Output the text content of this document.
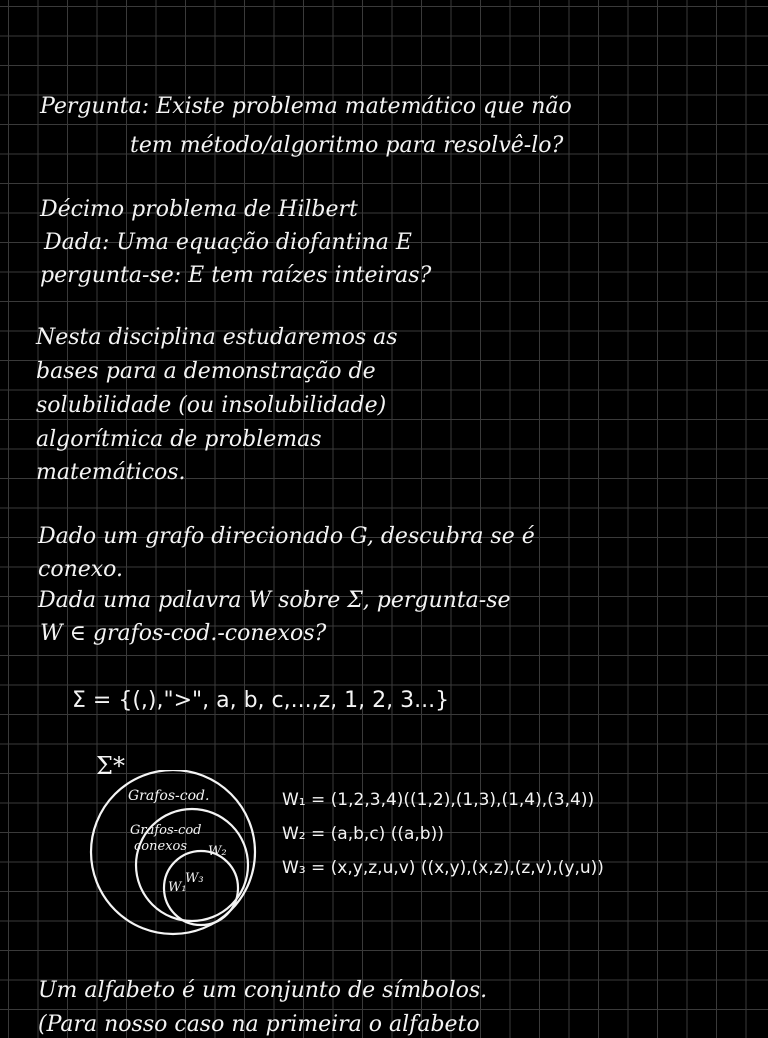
Pergunta: Existe problema matemático que não
tem método/algoritmo para resolvê-lo?
Décimo problema de Hilbert
Dada: Uma equação diofantina E
pergunta-se: E tem raízes inteiras?
Nesta disciplina estudaremos as
bases para a demonstração de
solubilidade (ou insolubilidade)
algorítmica de problemas
matemáticos.
Dado um grafo direcionado G, descubra se é
conexo.
Dada uma palavra W sobre Σ, pergunta-se
W ∈ grafos-cod.-conexos?
Σ = {(,),">", a, b, c,...,z, 1, 2, 3...}
Σ*
Grafos-cod.
Grafos-cod
conexos W₂
W₃
W₁
W₁ = (1,2,3,4)((1,2),(1,3),(1,4),(3,4))
W₂ = (a,b,c) ((a,b))
W₃ = (x,y,z,u,v) ((x,y),(x,z),(z,v),(y,u))
Um alfabeto é um conjunto de símbolos.
(Para nosso caso na primeira o alfabeto
